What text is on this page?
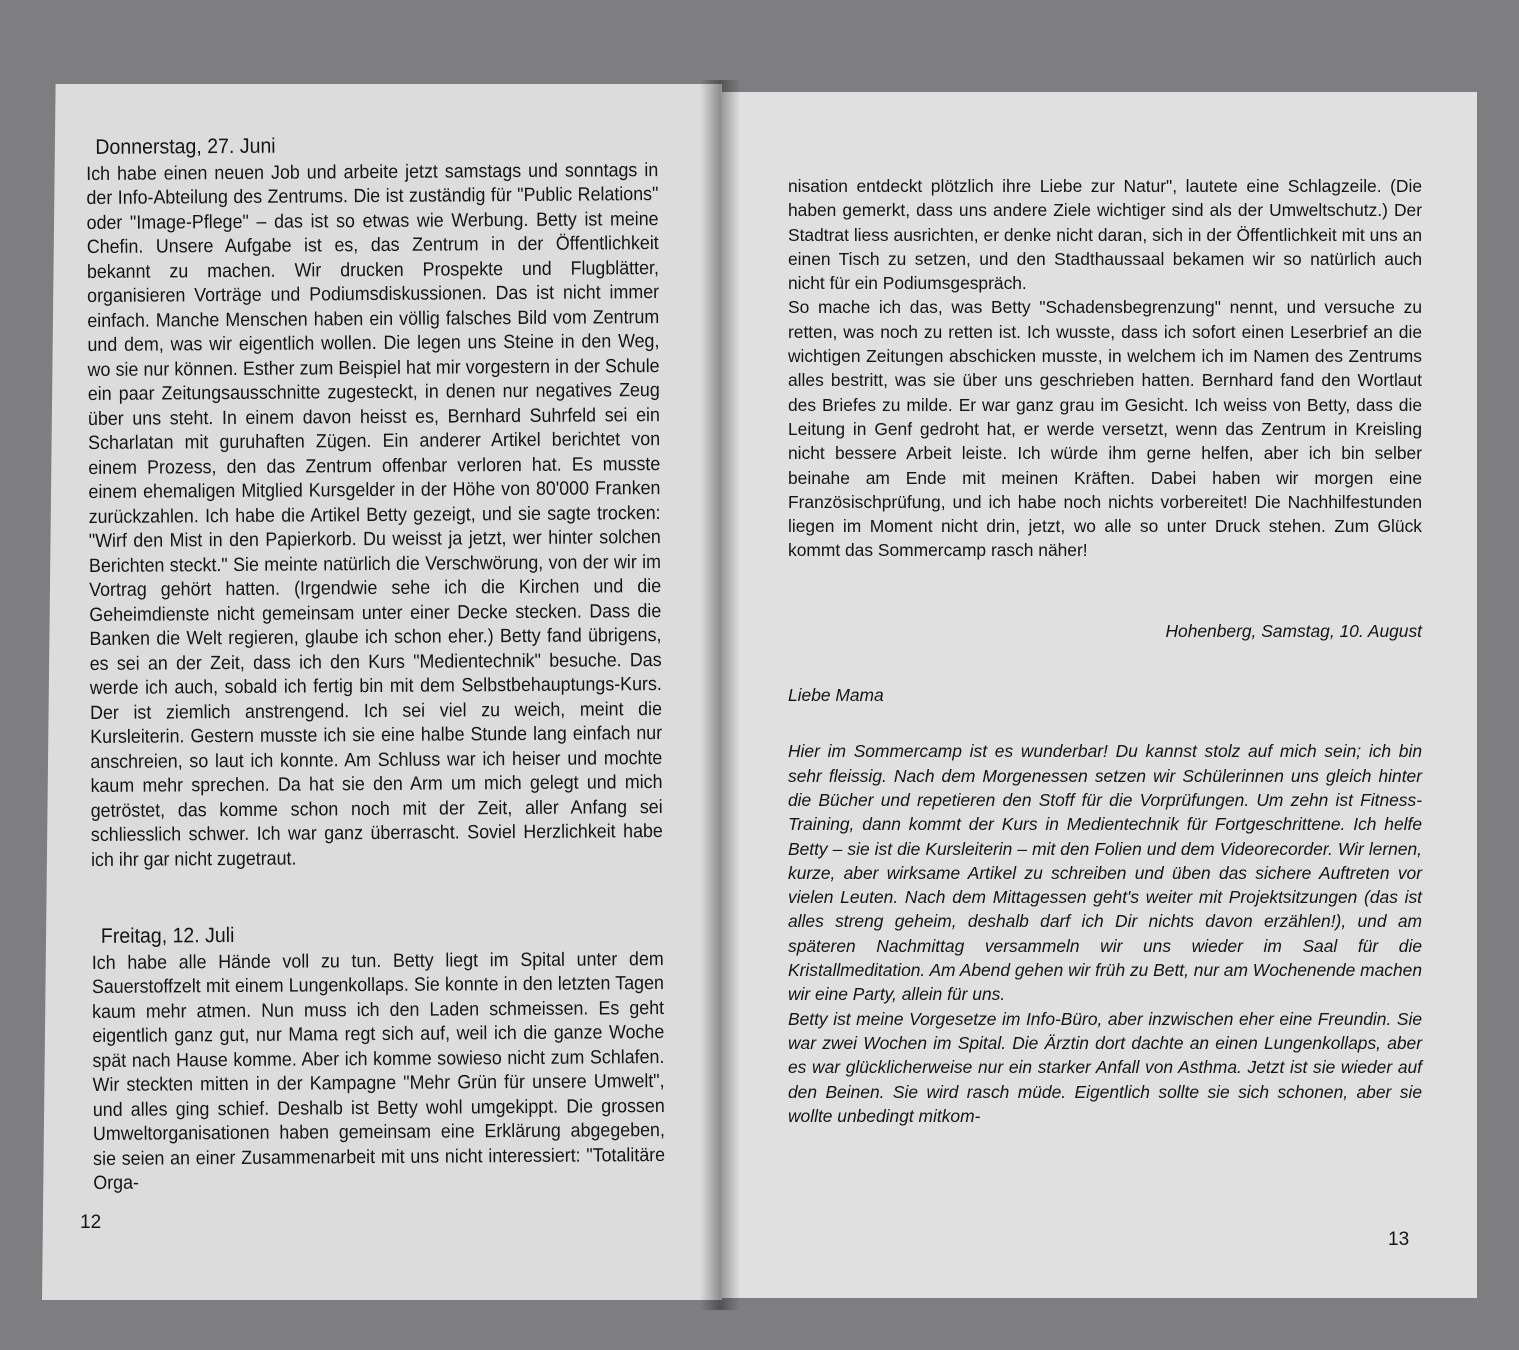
Donnerstag, 27. Juni

Ich habe einen neuen Job und arbeite jetzt samstags und sonntags in der Info-Abteilung des Zentrums. Die ist zuständig für "Public Relations" oder "Image-Pflege" – das ist so etwas wie Werbung. Betty ist meine Chefin. Unsere Aufgabe ist es, das Zentrum in der Öffentlichkeit bekannt zu machen. Wir drucken Prospekte und Flugblätter, organisieren Vorträge und Podiumsdiskussionen. Das ist nicht immer einfach. Manche Menschen haben ein völlig falsches Bild vom Zentrum und dem, was wir eigentlich wollen. Die legen uns Steine in den Weg, wo sie nur können. Esther zum Beispiel hat mir vorgestern in der Schule ein paar Zeitungsausschnitte zugesteckt, in denen nur negatives Zeug über uns steht. In einem davon heisst es, Bernhard Suhrfeld sei ein Scharlatan mit guruhaften Zügen. Ein anderer Artikel berichtet von einem Prozess, den das Zentrum offenbar verloren hat. Es musste einem ehemaligen Mitglied Kursgelder in der Höhe von 80'000 Franken zurückzahlen. Ich habe die Artikel Betty gezeigt, und sie sagte trocken: "Wirf den Mist in den Papierkorb. Du weisst ja jetzt, wer hinter solchen Berichten steckt." Sie meinte natürlich die Verschwörung, von der wir im Vortrag gehört hatten. (Irgendwie sehe ich die Kirchen und die Geheimdienste nicht gemeinsam unter einer Decke stecken. Dass die Banken die Welt regieren, glaube ich schon eher.) Betty fand übrigens, es sei an der Zeit, dass ich den Kurs "Medientechnik" besuche. Das werde ich auch, sobald ich fertig bin mit dem Selbstbehauptungs-Kurs. Der ist ziemlich anstrengend. Ich sei viel zu weich, meint die Kursleiterin. Gestern musste ich sie eine halbe Stunde lang einfach nur anschreien, so laut ich konnte. Am Schluss war ich heiser und mochte kaum mehr sprechen. Da hat sie den Arm um mich gelegt und mich getröstet, das komme schon noch mit der Zeit, aller Anfang sei schliesslich schwer. Ich war ganz überrascht. Soviel Herzlichkeit habe ich ihr gar nicht zugetraut.

Freitag, 12. Juli

Ich habe alle Hände voll zu tun. Betty liegt im Spital unter dem Sauerstoffzelt mit einem Lungenkollaps. Sie konnte in den letzten Tagen kaum mehr atmen. Nun muss ich den Laden schmeissen. Es geht eigentlich ganz gut, nur Mama regt sich auf, weil ich die ganze Woche spät nach Hause komme. Aber ich komme sowieso nicht zum Schlafen. Wir steckten mitten in der Kampagne "Mehr Grün für unsere Umwelt", und alles ging schief. Deshalb ist Betty wohl umgekippt. Die grossen Umweltorganisationen haben gemeinsam eine Erklärung abgegeben, sie seien an einer Zusammenarbeit mit uns nicht interessiert: "Totalitäre Orga-

12

nisation entdeckt plötzlich ihre Liebe zur Natur", lautete eine Schlagzeile. (Die haben gemerkt, dass uns andere Ziele wichtiger sind als der Umweltschutz.) Der Stadtrat liess ausrichten, er denke nicht daran, sich in der Öffentlichkeit mit uns an einen Tisch zu setzen, und den Stadthaussaal bekamen wir so natürlich auch nicht für ein Podiumsgespräch.

So mache ich das, was Betty "Schadensbegrenzung" nennt, und versuche zu retten, was noch zu retten ist. Ich wusste, dass ich sofort einen Leserbrief an die wichtigen Zeitungen abschicken musste, in welchem ich im Namen des Zentrums alles bestritt, was sie über uns geschrieben hatten. Bernhard fand den Wortlaut des Briefes zu milde. Er war ganz grau im Gesicht. Ich weiss von Betty, dass die Leitung in Genf gedroht hat, er werde versetzt, wenn das Zentrum in Kreisling nicht bessere Arbeit leiste. Ich würde ihm gerne helfen, aber ich bin selber beinahe am Ende mit meinen Kräften. Dabei haben wir morgen eine Französischprüfung, und ich habe noch nichts vorbereitet! Die Nachhilfestunden liegen im Moment nicht drin, jetzt, wo alle so unter Druck stehen. Zum Glück kommt das Sommercamp rasch näher!

Hohenberg, Samstag, 10. August

Liebe Mama

Hier im Sommercamp ist es wunderbar! Du kannst stolz auf mich sein; ich bin sehr fleissig. Nach dem Morgenessen setzen wir Schülerinnen uns gleich hinter die Bücher und repetieren den Stoff für die Vorprüfungen. Um zehn ist Fitness-Training, dann kommt der Kurs in Medientechnik für Fortgeschrittene. Ich helfe Betty – sie ist die Kursleiterin – mit den Folien und dem Videorecorder. Wir lernen, kurze, aber wirksame Artikel zu schreiben und üben das sichere Auftreten vor vielen Leuten. Nach dem Mittagessen geht's weiter mit Projektsitzungen (das ist alles streng geheim, deshalb darf ich Dir nichts davon erzählen!), und am späteren Nachmittag versammeln wir uns wieder im Saal für die Kristallmeditation. Am Abend gehen wir früh zu Bett, nur am Wochenende machen wir eine Party, allein für uns.

Betty ist meine Vorgesetze im Info-Büro, aber inzwischen eher eine Freundin. Sie war zwei Wochen im Spital. Die Ärztin dort dachte an einen Lungenkollaps, aber es war glücklicherweise nur ein starker Anfall von Asthma. Jetzt ist sie wieder auf den Beinen. Sie wird rasch müde. Eigentlich sollte sie sich schonen, aber sie wollte unbedingt mitkom-

13
